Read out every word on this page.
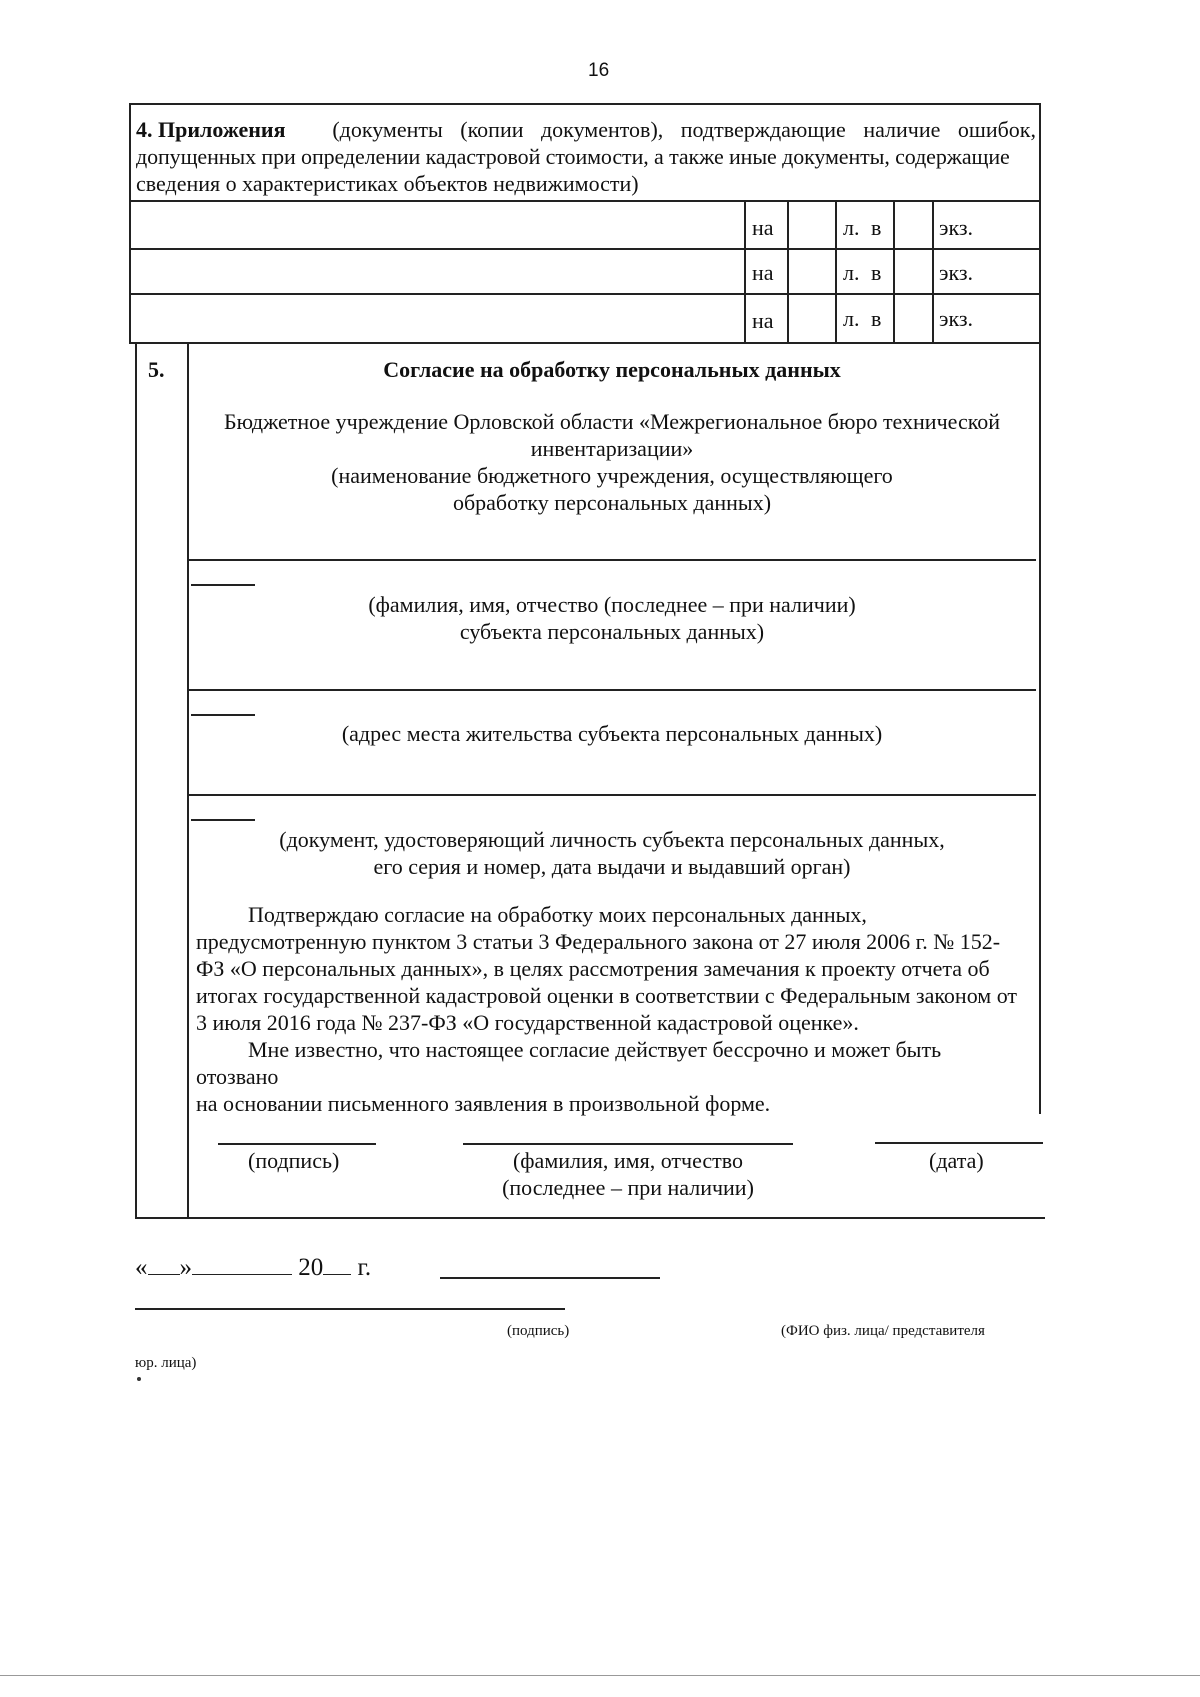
16
4. Приложения (документы (копии документов), подтверждающие наличие ошибок,
допущенных при определении кадастровой стоимости, а также иные документы, содержащие
сведения о характеристиках объектов недвижимости)
на	л. в	экз.
на	л. в	экз.
на	л. в	экз.
5.	Согласие на обработку персональных данных
Бюджетное учреждение Орловской области «Межрегиональное бюро технической
инвентаризации»
(наименование бюджетного учреждения, осуществляющего
обработку персональных данных)
(фамилия, имя, отчество (последнее – при наличии)
субъекта персональных данных)
(адрес места жительства субъекта персональных данных)
(документ, удостоверяющий личность субъекта персональных данных,
его серия и номер, дата выдачи и выдавший орган)
Подтверждаю согласие на обработку моих персональных данных,
предусмотренную пунктом 3 статьи 3 Федерального закона от 27 июля 2006 г. № 152-
ФЗ «О персональных данных», в целях рассмотрения замечания к проекту отчета об
итогах государственной кадастровой оценки в соответствии с Федеральным законом от
3 июля 2016 года № 237-ФЗ «О государственной кадастровой оценке».
Мне известно, что настоящее согласие действует бессрочно и может быть
отозвано
на основании письменного заявления в произвольной форме.
(подпись)	(фамилия, имя, отчество
(последнее – при наличии)
(дата)
« »	20 г.
(подпись)	(ФИО физ. лица/ представителя
юр. лица)
